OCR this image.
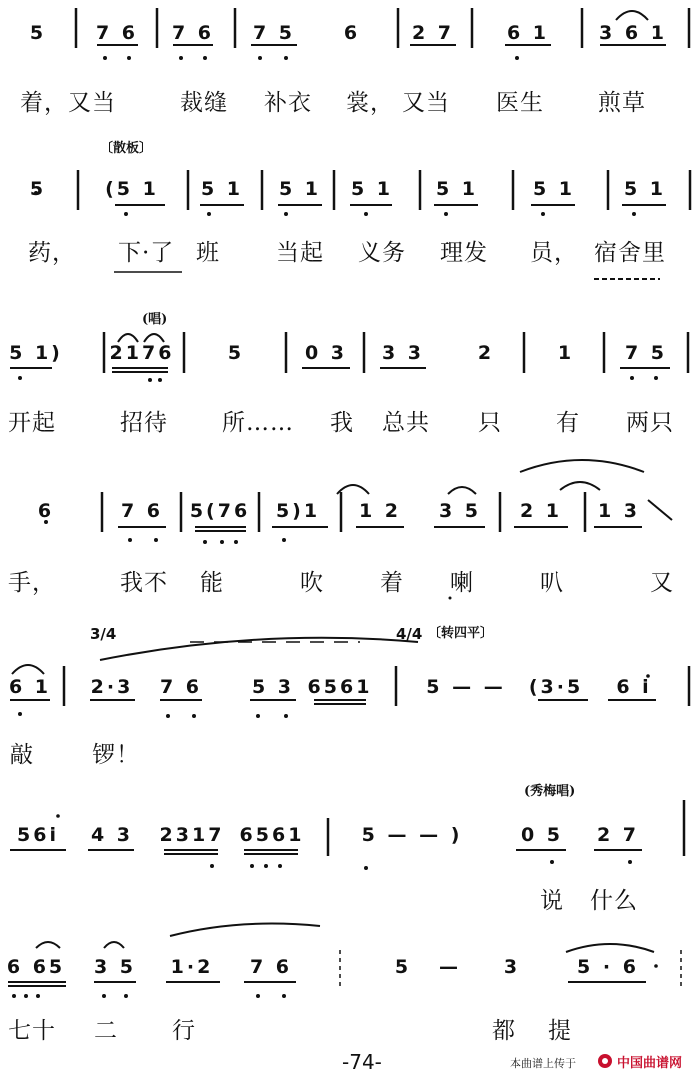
5	7 6 7 6 7 5	6	2 7	6 1	3 6 1
着，又当	裁缝 补衣 裳， 又当 医生 煎草
〔散板〕
5	(5 1 5 1 5 1 5 1 5 1	5 1	5 1
药， 下·了 班 当起 义务 理发 员， 宿舍里
(唱)
5 1) 2176	5	0 3 3 3	2	1	7 5
开起	招待 所…… 我 总共 只 有 两只
6	7 6 5(76 5)1 1 2 3 5 2 1 1 3
手，	我不 能	吹 着 喇	叭	又
3/4	4/4 〔转四平〕
6 1 2·3 7 6	5 3 6561	5 — — (3·5 6 i
敲	锣！
(秀梅唱)
56i 4 3 2317 6561	5 — — )	0 5 2 7
说 什么
6 65 3 5 1·2 7 6	5 — 3	5 · 6
七十 二 行	都 提
-74-	本曲谱上传于	中国曲谱网
